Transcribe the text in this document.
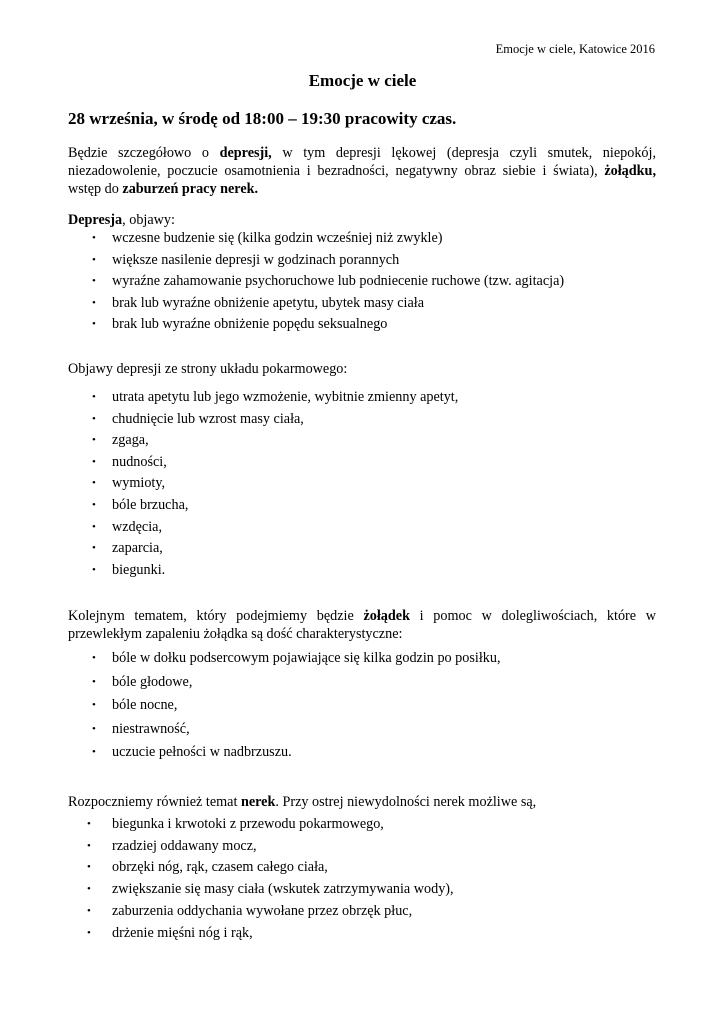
Emocje w ciele, Katowice 2016
Emocje w ciele
28 września, w środę od 18:00 – 19:30 pracowity czas.
Będzie szczegółowo o depresji, w tym depresji lękowej (depresja czyli smutek, niepokój,
niezadowolenie, poczucie osamotnienia i bezradności, negatywny obraz siebie i świata), żołądku,
wstęp do zaburzeń pracy nerek.
Depresja, objawy:
• wczesne budzenie się (kilka godzin wcześniej niż zwykle)
• większe nasilenie depresji w godzinach porannych
• wyraźne zahamowanie psychoruchowe lub podniecenie ruchowe (tzw. agitacja)
• brak lub wyraźne obniżenie apetytu, ubytek masy ciała
• brak lub wyraźne obniżenie popędu seksualnego
Objawy depresji ze strony układu pokarmowego:
• utrata apetytu lub jego wzmożenie, wybitnie zmienny apetyt,
• chudnięcie lub wzrost masy ciała,
• zgaga,
• nudności,
• wymioty,
• bóle brzucha,
• wzdęcia,
• zaparcia,
• biegunki.
Kolejnym tematem, który podejmiemy będzie żołądek i pomoc w dolegliwościach, które w
przewlekłym zapaleniu żołądka są dość charakterystyczne:
• bóle w dołku podsercowym pojawiające się kilka godzin po posiłku,
• bóle głodowe,
• bóle nocne,
• niestrawność,
• uczucie pełności w nadbrzuszu.
Rozpoczniemy również temat nerek. Przy ostrej niewydolności nerek możliwe są,
• biegunka i krwotoki z przewodu pokarmowego,
• rzadziej oddawany mocz,
• obrzęki nóg, rąk, czasem całego ciała,
• zwiększanie się masy ciała (wskutek zatrzymywania wody),
• zaburzenia oddychania wywołane przez obrzęk płuc,
• drżenie mięśni nóg i rąk,
